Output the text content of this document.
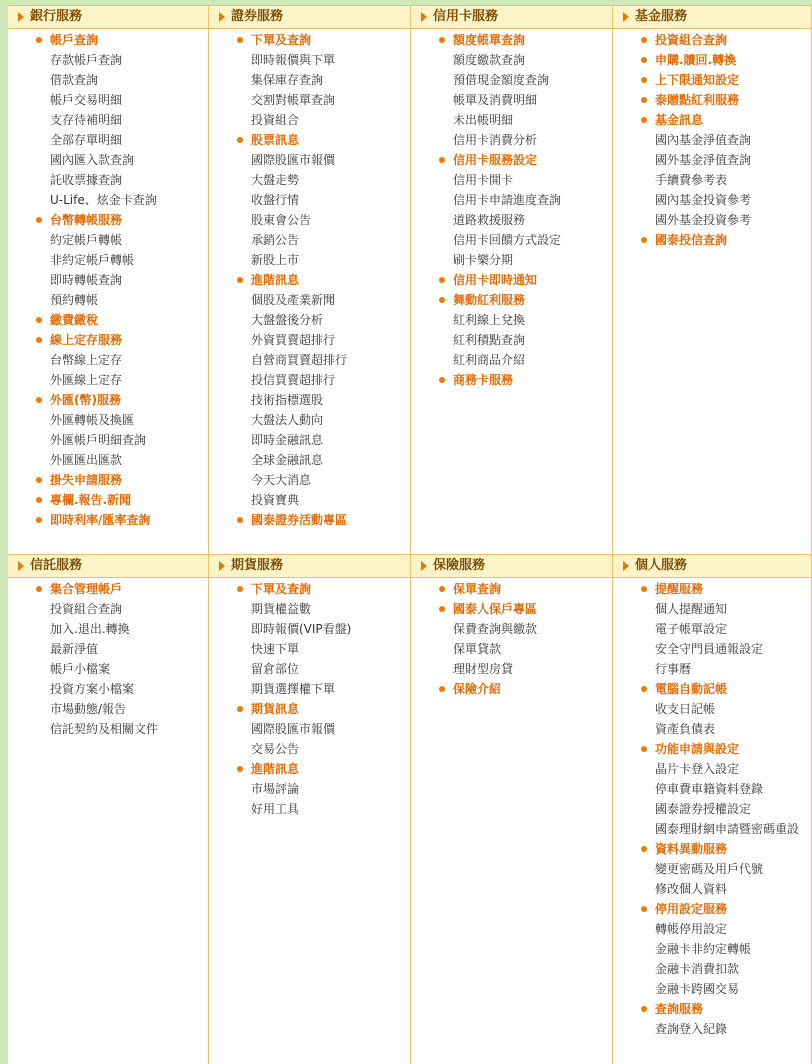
銀行服務
帳戶查詢
存款帳戶查詢
借款查詢
帳戶交易明細
支存待補明細
全部存單明細
國內匯入款查詢
託收票據查詢
U-Life、炫金卡查詢
台幣轉帳服務
約定帳戶轉帳
非約定帳戶轉帳
即時轉帳查詢
預約轉帳
繳費繳稅
線上定存服務
台幣線上定存
外匯線上定存
外匯(幣)服務
外匯轉帳及換匯
外匯帳戶明細查詢
外匯匯出匯款
掛失申請服務
專欄.報告.新聞
即時利率/匯率查詢
證券服務
下單及查詢
即時報價與下單
集保庫存查詢
交割對帳單查詢
投資組合
股票訊息
國際股匯市報價
大盤走勢
收盤行情
股東會公告
承銷公告
新股上市
進階訊息
個股及產業新聞
大盤盤後分析
外資買賣超排行
自營商買賣超排行
投信買賣超排行
技術指標選股
大盤法人動向
即時金融訊息
全球金融訊息
今天大消息
投資寶典
國泰證券活動專區
信用卡服務
額度帳單查詢
額度繳款查詢
預借現金額度查詢
帳單及消費明細
未出帳明細
信用卡消費分析
信用卡服務設定
信用卡開卡
信用卡申請進度查詢
道路救援服務
信用卡回饋方式設定
刷卡樂分期
信用卡即時通知
舞動紅利服務
紅利線上兌換
紅利積點查詢
紅利商品介紹
商務卡服務
基金服務
投資組合查詢
申購.贖回.轉換
上下限通知設定
泰贈點紅利服務
基金訊息
國內基金淨值查詢
國外基金淨值查詢
手續費參考表
國內基金投資參考
國外基金投資參考
國泰投信查詢
信託服務
集合管理帳戶
投資組合查詢
加入.退出.轉換
最新淨值
帳戶小檔案
投資方案小檔案
市場動態/報告
信託契約及相關文件
期貨服務
下單及查詢
期貨權益數
即時報價(VIP看盤)
快速下單
留倉部位
期貨選擇權下單
期貨訊息
國際股匯市報價
交易公告
進階訊息
市場評論
好用工具
保險服務
保單查詢
國泰人保戶專區
保費查詢與繳款
保單貸款
理財型房貸
保險介紹
個人服務
提醒服務
個人提醒通知
電子帳單設定
安全守門員通報設定
行事曆
電腦自動記帳
收支日記帳
資產負債表
功能申請與設定
晶片卡登入設定
停車費車籍資料登錄
國泰證券授權設定
國泰理財網申請暨密碼重設
資料異動服務
變更密碼及用戶代號
修改個人資料
停用設定服務
轉帳停用設定
金融卡非約定轉帳
金融卡消費扣款
金融卡跨國交易
查詢服務
查詢登入紀錄
